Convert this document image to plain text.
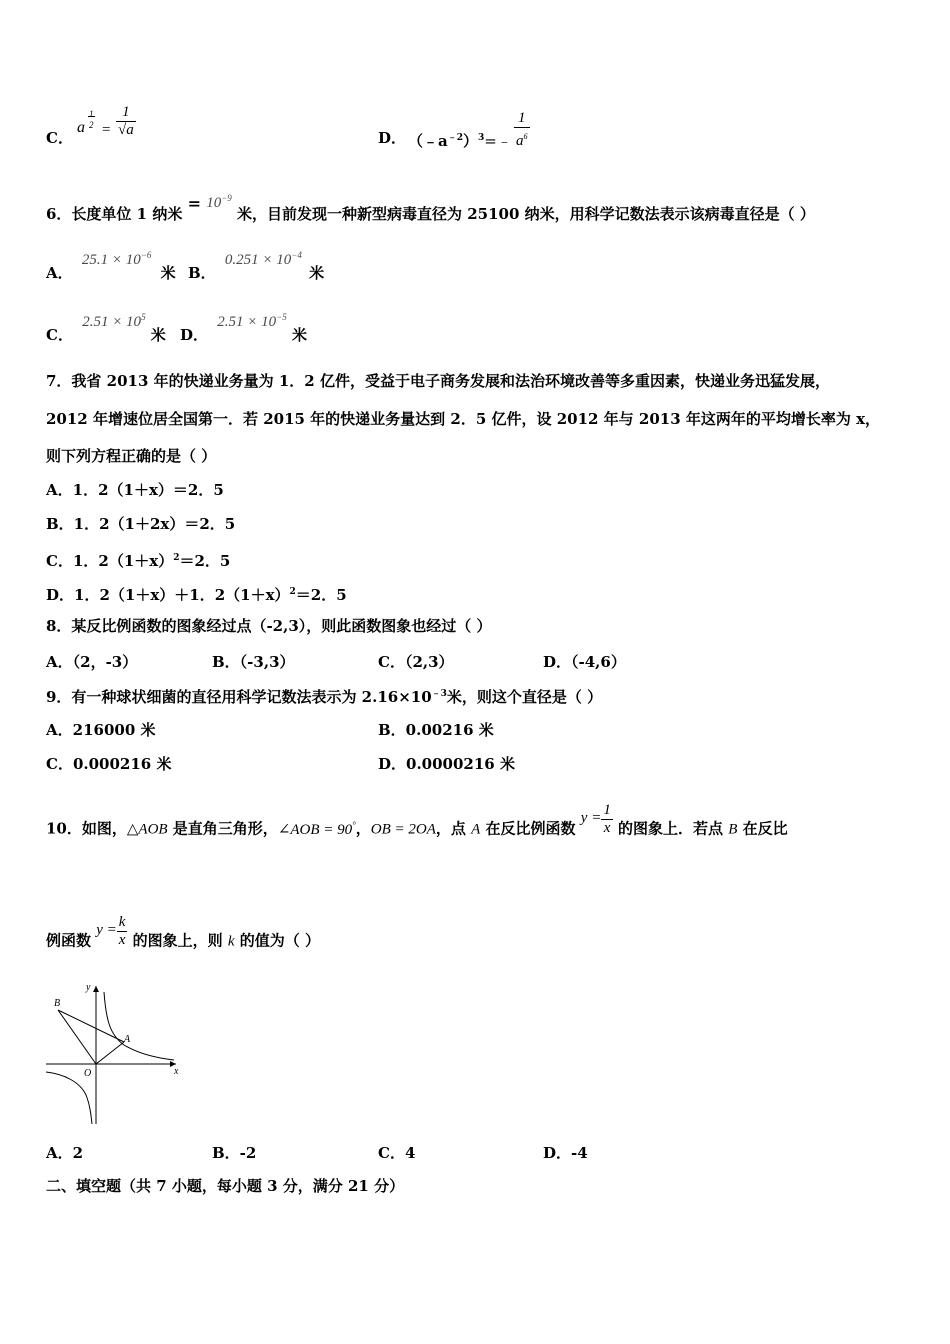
C．
a
1
$2 = \frac{1}{√a}$	D． $(﹣a^{﹣2})^3=﹣ \frac{1}{a^6}$
6．长度单位 1 纳米 = $10^{-9}$ 米，目前发现一种新型病毒直径为 25100 纳米，用科学记数法表示该病毒直径是（ ）
A． $25.1 \times 10^{-6}$ 米 B． $0.251 \times 10^{-4}$ 米
C． $2.51 \times 10^5$ 米 D． $2.51 \times 10^{-5}$ 米
7．我省 2013 年的快递业务量为 1．2 亿件，受益于电子商务发展和法治环境改善等多重因素，快递业务迅猛发展，
2012 年增速位居全国第一．若 2015 年的快递业务量达到 2．5 亿件，设 2012 年与 2013 年这两年的平均增长率为 x，
则下列方程正确的是（ ）
A．1．2（1＋x）＝2．5
B．1．2（1＋2x）＝2．5
C．1．$2(1+x)^2=2$．5
D．1．2（1＋x）＋1．$2(1+x)^2=2$．5
8．某反比例函数的图象经过点（-2,3），则此函数图象也经过（ ）
A．（2，-3）	B．（-3,3）	C．（2,3）	D．（-4,6）
9．有一种球状细菌的直径用科学记数法表示为 $2.16\times 10^{﹣3}$米，则这个直径是（ ）
A．216000 米	B．0.00216 米
C．0.000216 米	D．0.0000216 米
10．如图，△AOB 是直角三角形，∠AOB = 90°，OB = 2OA，点 A 在反比例函数 $y = \frac{1}{x}$ 的图象上．若点 B 在反比
例函数 $y = \frac{k}{x}$ 的图象上，则 k 的值为（ ）
y
x
O
A
B
A．2	B．-2	C．4	D．-4
二、填空题（共 7 小题，每小题 3 分，满分 21 分）
